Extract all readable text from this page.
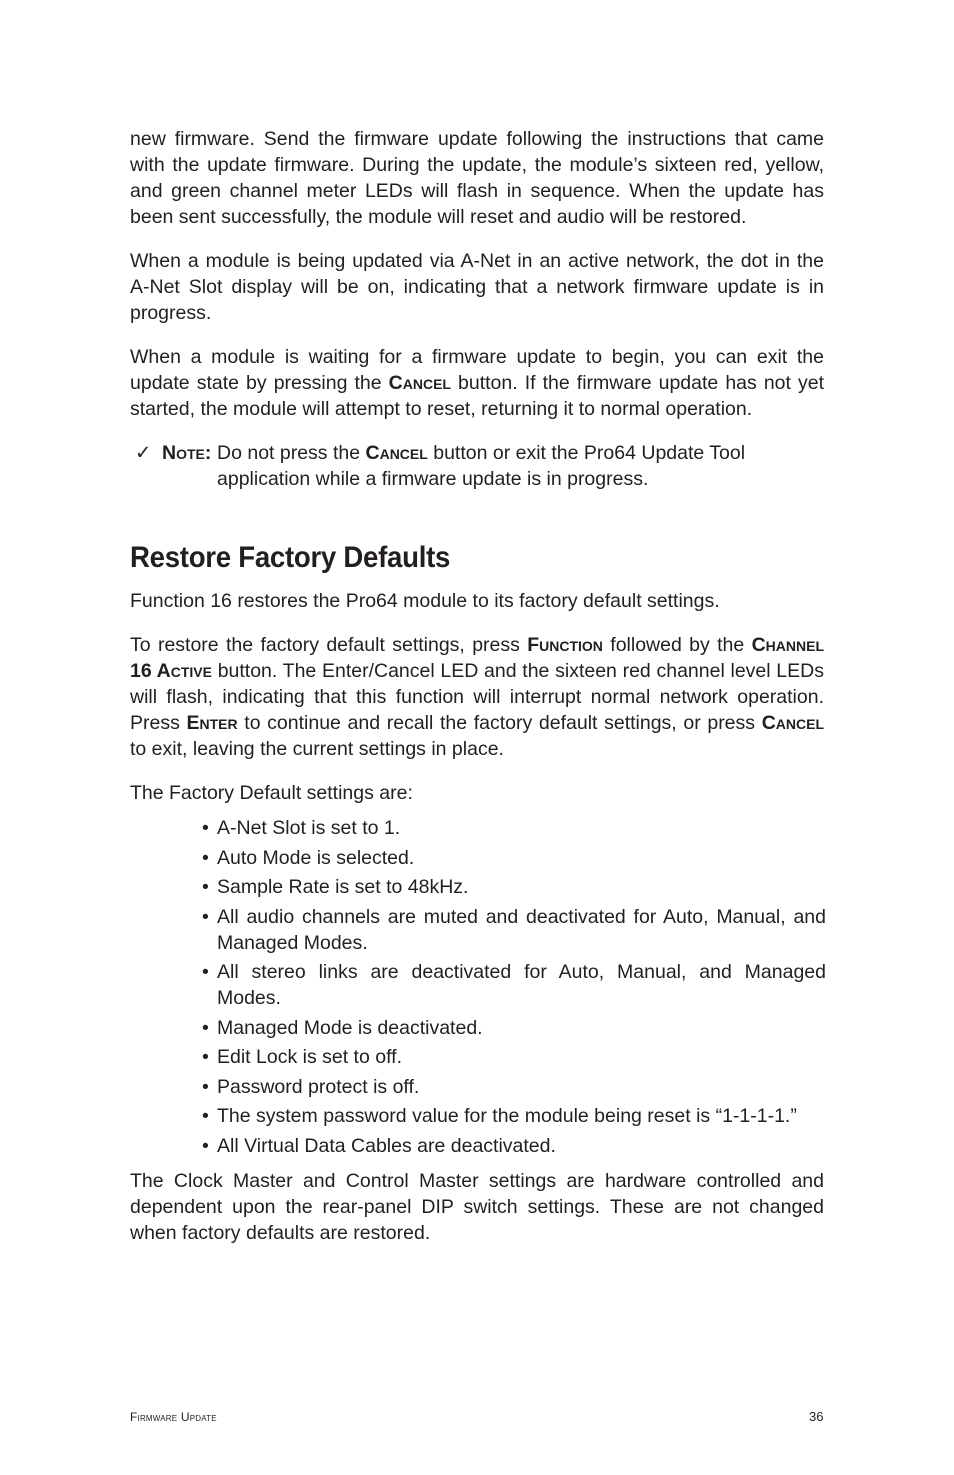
new firmware. Send the firmware update following the instructions that came with the update firmware. During the update, the module’s sixteen red, yellow, and green channel meter LEDs will flash in sequence. When the update has been sent successfully, the module will reset and audio will be restored.

When a module is being updated via A-Net in an active network, the dot in the A-Net Slot display will be on, indicating that a network firmware update is in progress.

When a module is waiting for a firmware update to begin, you can exit the update state by pressing the Cancel button. If the firmware update has not yet started, the module will attempt to reset, returning it to normal operation.

✓ Note: Do not press the Cancel button or exit the Pro64 Update Tool application while a firmware update is in progress.
Restore Factory Defaults

Function 16 restores the Pro64 module to its factory default settings.

To restore the factory default settings, press Function followed by the Channel 16 Active button. The Enter/Cancel LED and the sixteen red channel level LEDs will flash, indicating that this function will interrupt normal network operation. Press Enter to continue and recall the factory default settings, or press Cancel to exit, leaving the current settings in place.

The Factory Default settings are:

• A-Net Slot is set to 1.
• Auto Mode is selected.
• Sample Rate is set to 48kHz.
• All audio channels are muted and deactivated for Auto, Manual, and Managed Modes.
• All stereo links are deactivated for Auto, Manual, and Managed Modes.
• Managed Mode is deactivated.
• Edit Lock is set to off.
• Password protect is off.
• The system password value for the module being reset is “1-1-1-1.”
• All Virtual Data Cables are deactivated.

The Clock Master and Control Master settings are hardware controlled and dependent upon the rear-panel DIP switch settings. These are not changed when factory defaults are restored.

Firmware Update	36
